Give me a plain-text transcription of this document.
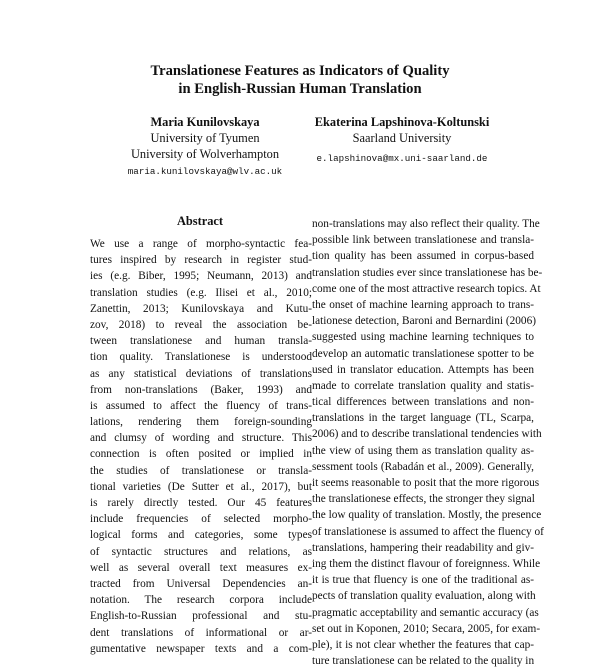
Translationese Features as Indicators of Quality
in English-Russian Human Translation
Maria Kunilovskaya
University of Tyumen
University of Wolverhampton
maria.kunilovskaya@wlv.ac.uk
Ekaterina Lapshinova-Koltunski
Saarland University
e.lapshinova@mx.uni-saarland.de
Abstract
We use a range of morpho-syntactic fea-
tures inspired by research in register stud-
ies (e.g. Biber, 1995; Neumann, 2013) and
translation studies (e.g. Ilisei et al., 2010;
Zanettin, 2013; Kunilovskaya and Kutu-
zov, 2018) to reveal the association be-
tween translationese and human transla-
tion quality. Translationese is understood
as any statistical deviations of translations
from non-translations (Baker, 1993) and
is assumed to affect the fluency of trans-
lations, rendering them foreign-sounding
and clumsy of wording and structure. This
connection is often posited or implied in
the studies of translationese or transla-
tional varieties (De Sutter et al., 2017), but
is rarely directly tested. Our 45 features
include frequencies of selected morpho-
logical forms and categories, some types
of syntactic structures and relations, as
well as several overall text measures ex-
tracted from Universal Dependencies an-
notation. The research corpora include
English-to-Russian professional and stu-
dent translations of informational or ar-
gumentative newspaper texts and a com-
non-translations may also reflect their quality. The
possible link between translationese and transla-
tion quality has been assumed in corpus-based
translation studies ever since translationese has be-
come one of the most attractive research topics. At
the onset of machine learning approach to trans-
lationese detection, Baroni and Bernardini (2006)
suggested using machine learning techniques to
develop an automatic translationese spotter to be
used in translator education. Attempts has been
made to correlate translation quality and statis-
tical differences between translations and non-
translations in the target language (TL, Scarpa,
2006) and to describe translational tendencies with
the view of using them as translation quality as-
sessment tools (Rabadán et al., 2009). Generally,
it seems reasonable to posit that the more rigorous
the translationese effects, the stronger they signal
the low quality of translation. Mostly, the presence
of translationese is assumed to affect the fluency of
translations, hampering their readability and giv-
ing them the distinct flavour of foreignness. While
it is true that fluency is one of the traditional as-
pects of translation quality evaluation, along with
pragmatic acceptability and semantic accuracy (as
set out in Koponen, 2010; Secara, 2005, for exam-
ple), it is not clear whether the features that cap-
ture translationese can be related to the quality in
